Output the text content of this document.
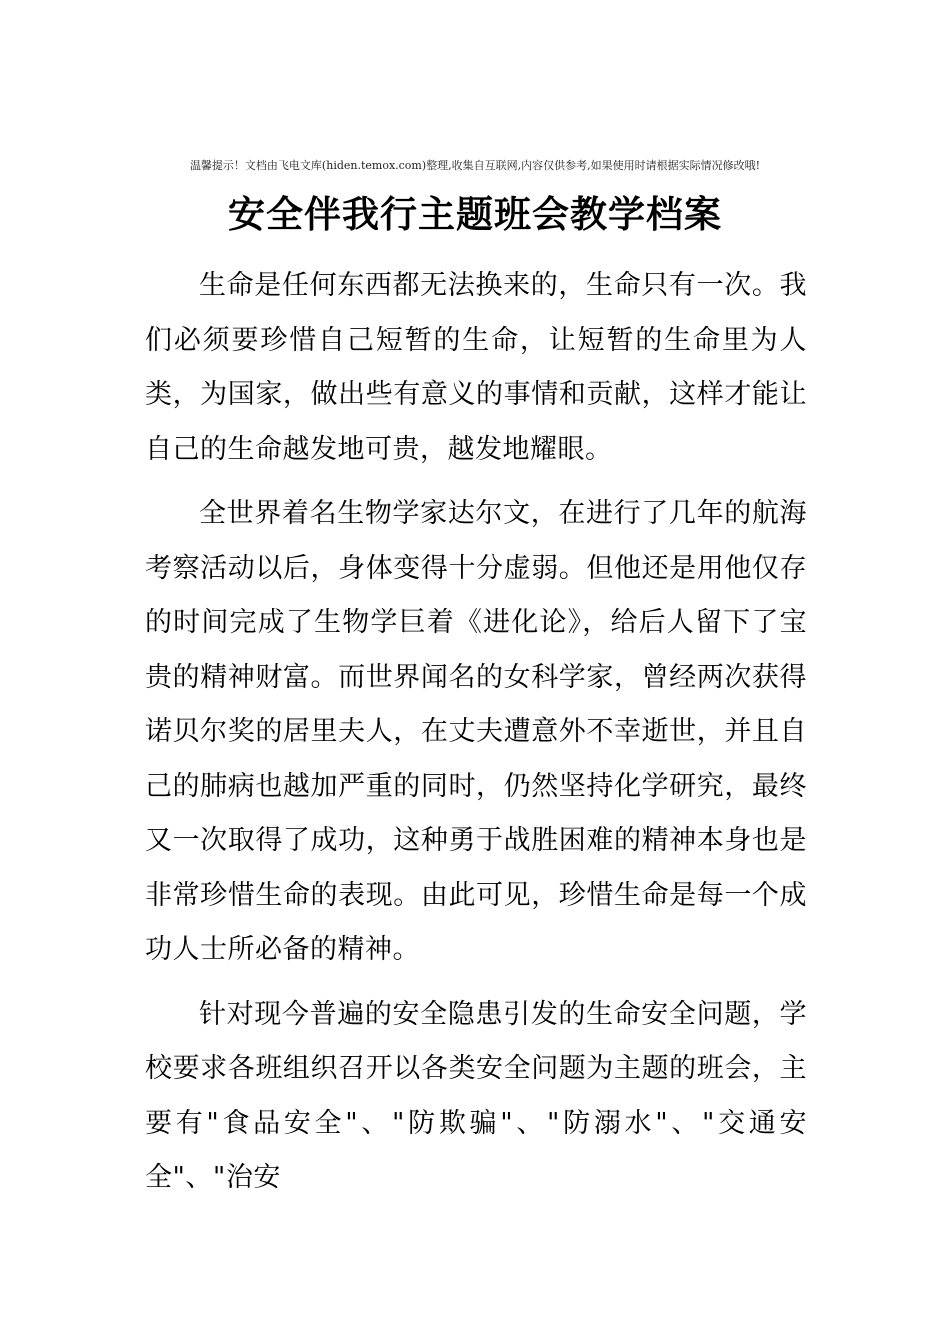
温馨提示！文档由飞电文库(hiden.temox.com)整理,收集自互联网,内容仅供参考,如果使用时请根据实际情况修改哦!
安全伴我行主题班会教学档案

生命是任何东西都无法换来的，生命只有一次。我们必须要珍惜自己短暂的生命，让短暂的生命里为人类，为国家，做出些有意义的事情和贡献，这样才能让自己的生命越发地可贵，越发地耀眼。

全世界着名生物学家达尔文，在进行了几年的航海考察活动以后，身体变得十分虚弱。但他还是用他仅存的时间完成了生物学巨着《进化论》，给后人留下了宝贵的精神财富。而世界闻名的女科学家，曾经两次获得诺贝尔奖的居里夫人，在丈夫遭意外不幸逝世，并且自己的肺病也越加严重的同时，仍然坚持化学研究，最终又一次取得了成功，这种勇于战胜困难的精神本身也是非常珍惜生命的表现。由此可见，珍惜生命是每一个成功人士所必备的精神。

针对现今普遍的安全隐患引发的生命安全问题，学校要求各班组织召开以各类安全问题为主题的班会，主要有"食品安全"、"防欺骗"、"防溺水"、"交通安全"、"治安
